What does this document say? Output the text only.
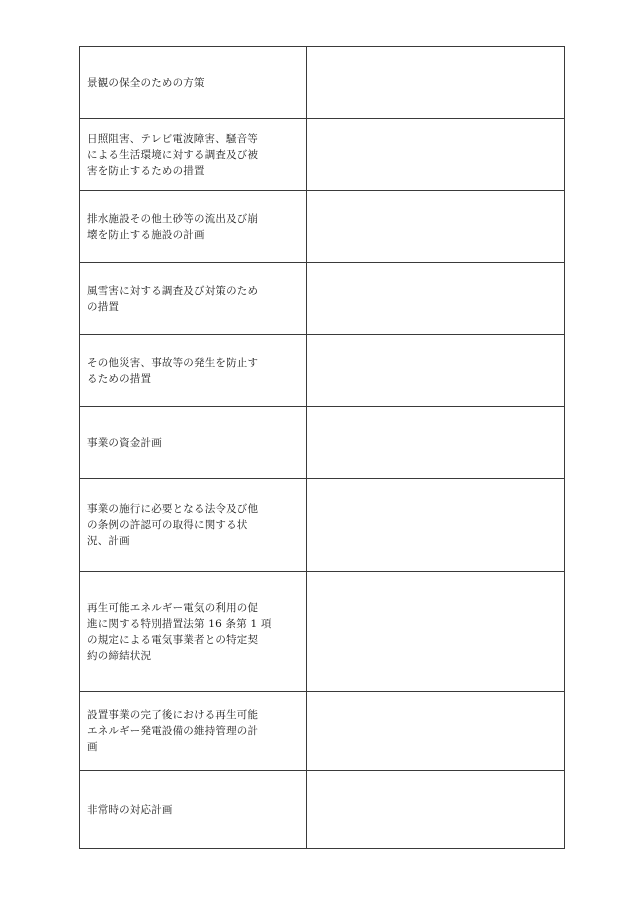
景観の保全のための方策	

日照阻害、テレビ電波障害、騒音等
による生活環境に対する調査及び被
害を防止するための措置	

排水施設その他土砂等の流出及び崩
壊を防止する施設の計画	

風雪害に対する調査及び対策のため
の措置	

その他災害、事故等の発生を防止す
るための措置	

事業の資金計画	

事業の施行に必要となる法令及び他
の条例の許認可の取得に関する状
況、計画	

再生可能エネルギー電気の利用の促
進に関する特別措置法第 16 条第 1 項
の規定による電気事業者との特定契
約の締結状況	

設置事業の完了後における再生可能
エネルギー発電設備の維持管理の計
画	

非常時の対応計画	
